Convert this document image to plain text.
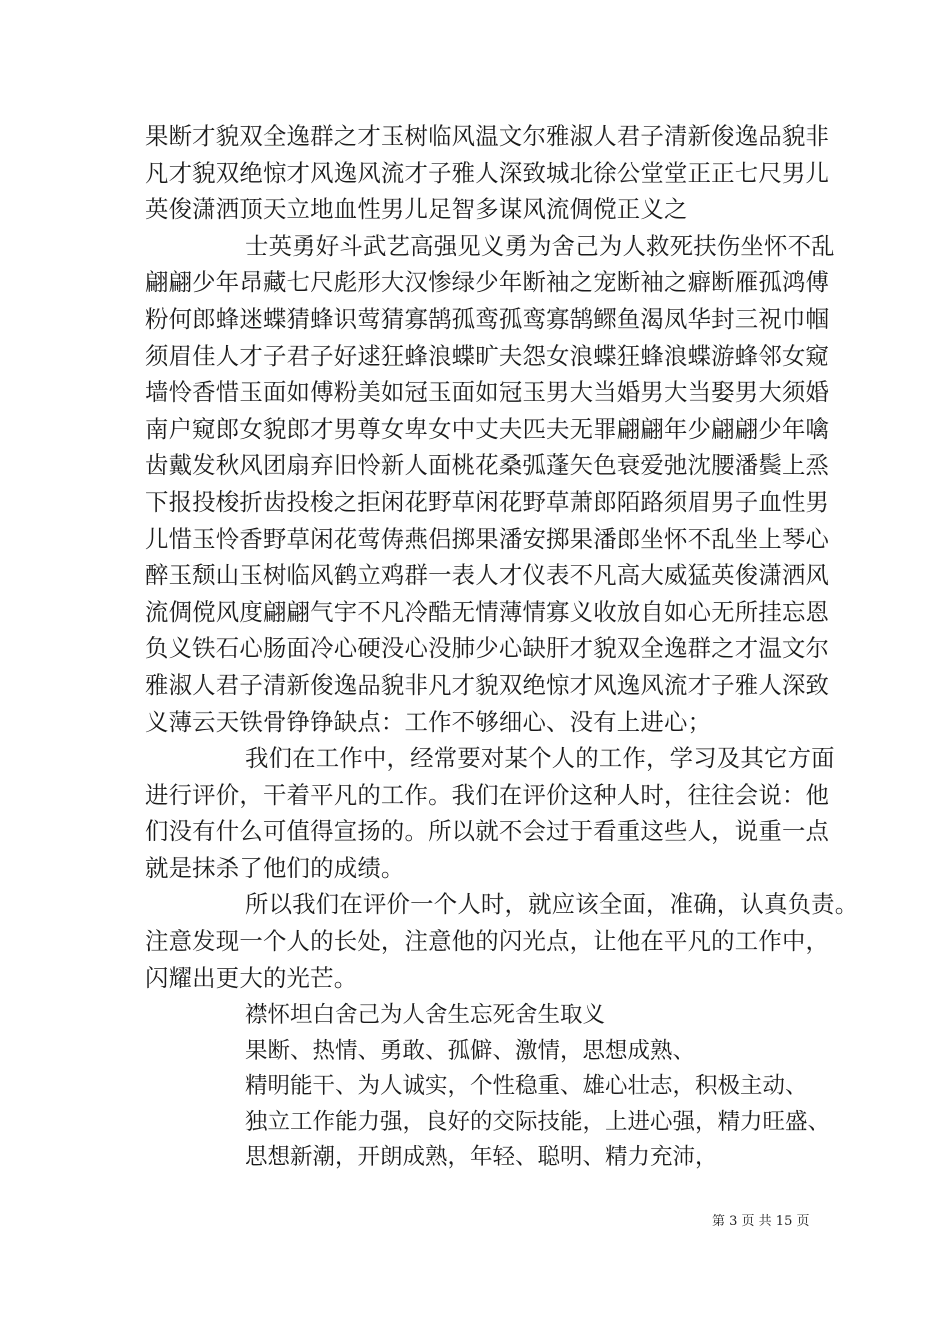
果断才貌双全逸群之才玉树临风温文尔雅淑人君子清新俊逸品貌非
凡才貌双绝惊才风逸风流才子雅人深致城北徐公堂堂正正七尺男儿
英俊潇洒顶天立地血性男儿足智多谋风流倜傥正义之
士英勇好斗武艺高强见义勇为舍己为人救死扶伤坐怀不乱
翩翩少年昂藏七尺彪形大汉惨绿少年断袖之宠断袖之癖断雁孤鸿傅
粉何郎蜂迷蝶猜蜂识莺猜寡鹄孤鸾孤鸾寡鹄鳏鱼渴凤华封三祝巾帼
须眉佳人才子君子好逑狂蜂浪蝶旷夫怨女浪蝶狂蜂浪蝶游蜂邻女窥
墙怜香惜玉面如傅粉美如冠玉面如冠玉男大当婚男大当娶男大须婚
南户窥郎女貌郎才男尊女卑女中丈夫匹夫无罪翩翩年少翩翩少年噙
齿戴发秋风团扇弃旧怜新人面桃花桑弧蓬矢色衰爱弛沈腰潘鬓上烝
下报投梭折齿投梭之拒闲花野草闲花野草萧郎陌路须眉男子血性男
儿惜玉怜香野草闲花莺俦燕侣掷果潘安掷果潘郎坐怀不乱坐上琴心
醉玉颓山玉树临风鹤立鸡群一表人才仪表不凡高大威猛英俊潇洒风
流倜傥风度翩翩气宇不凡冷酷无情薄情寡义收放自如心无所挂忘恩
负义铁石心肠面冷心硬没心没肺少心缺肝才貌双全逸群之才温文尔
雅淑人君子清新俊逸品貌非凡才貌双绝惊才风逸风流才子雅人深致
义薄云天铁骨铮铮缺点：工作不够细心、没有上进心；
我们在工作中，经常要对某个人的工作，学习及其它方面
进行评价，干着平凡的工作。我们在评价这种人时，往往会说：他
们没有什么可值得宣扬的。所以就不会过于看重这些人，说重一点
就是抹杀了他们的成绩。
所以我们在评价一个人时，就应该全面，准确，认真负责。
注意发现一个人的长处，注意他的闪光点，让他在平凡的工作中，
闪耀出更大的光芒。
襟怀坦白舍己为人舍生忘死舍生取义
果断、热情、勇敢、孤僻、激情，思想成熟、
精明能干、为人诚实，个性稳重、雄心壮志，积极主动、
独立工作能力强，良好的交际技能，上进心强，精力旺盛、
思想新潮，开朗成熟，年轻、聪明、精力充沛，
第 3 页 共 15 页
